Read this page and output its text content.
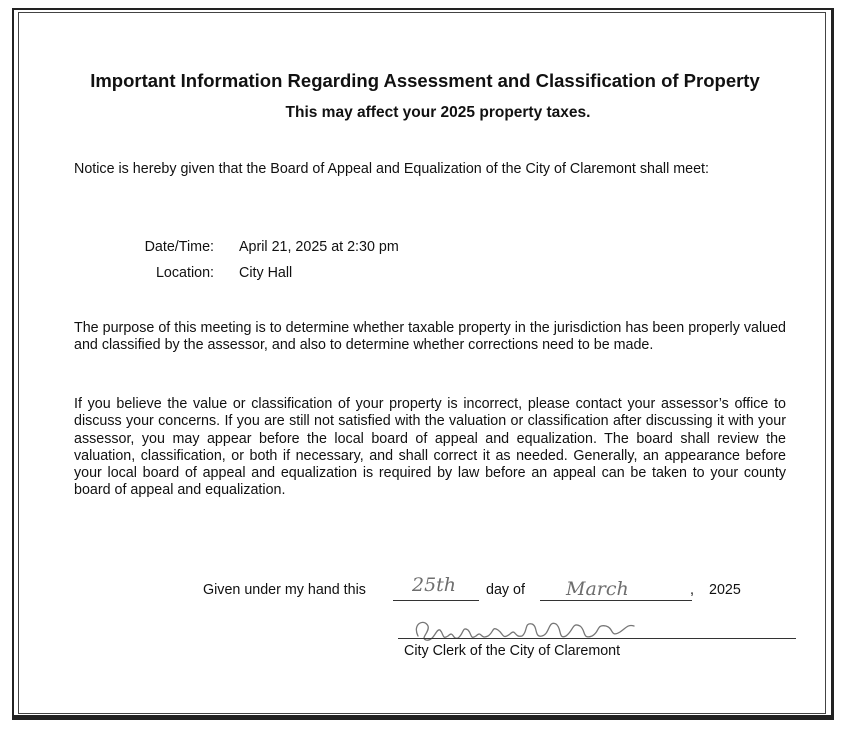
Important Information Regarding Assessment and Classification of Property
This may affect your 2025 property taxes.

Notice is hereby given that the Board of Appeal and Equalization of the City of Claremont shall meet:

Date/Time: April 21, 2025 at 2:30 pm
Location: City Hall

The purpose of this meeting is to determine whether taxable property in the jurisdiction has been properly valued and classified by the assessor, and also to determine whether corrections need to be made.

If you believe the value or classification of your property is incorrect, please contact your assessor’s office to discuss your concerns. If you are still not satisfied with the valuation or classification after discussing it with your assessor, you may appear before the local board of appeal and equalization. The board shall review the valuation, classification, or both if necessary, and shall correct it as needed. Generally, an appearance before your local board of appeal and equalization is required by law before an appeal can be taken to your county board of appeal and equalization.

Given under my hand this 25th day of March	, 2025
City Clerk of the City of Claremont
